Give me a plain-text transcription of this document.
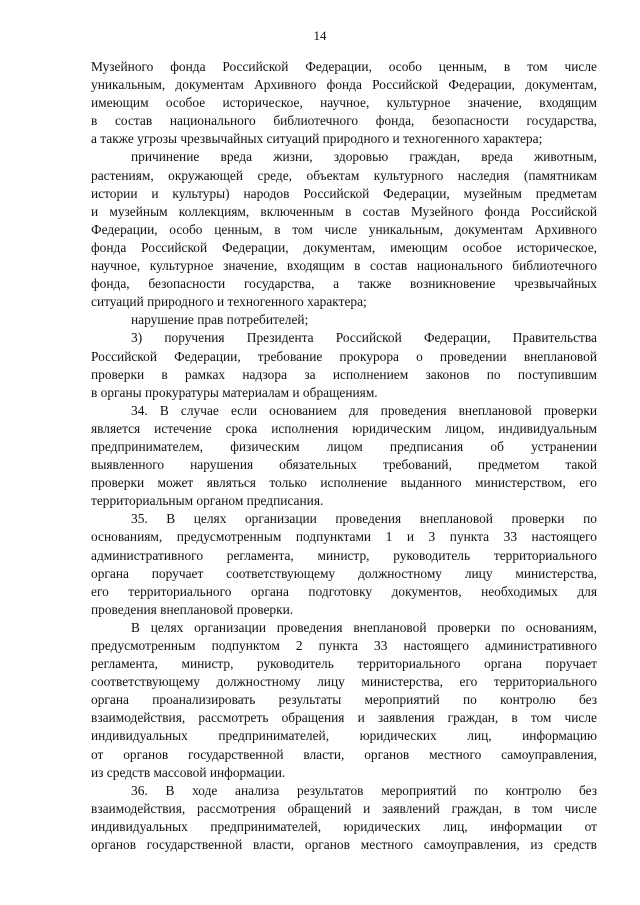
14
Музейного фонда Российской Федерации, особо ценным, в том числе
уникальным, документам Архивного фонда Российской Федерации, документам,
имеющим особое историческое, научное, культурное значение, входящим
в состав национального библиотечного фонда, безопасности государства,
а также угрозы чрезвычайных ситуаций природного и техногенного характера;
причинение вреда жизни, здоровью граждан, вреда животным,
растениям, окружающей среде, объектам культурного наследия (памятникам
истории и культуры) народов Российской Федерации, музейным предметам
и музейным коллекциям, включенным в состав Музейного фонда Российской
Федерации, особо ценным, в том числе уникальным, документам Архивного
фонда Российской Федерации, документам, имеющим особое историческое,
научное, культурное значение, входящим в состав национального библиотечного
фонда, безопасности государства, а также возникновение чрезвычайных
ситуаций природного и техногенного характера;
нарушение прав потребителей;
3) поручения Президента Российской Федерации, Правительства
Российской Федерации, требование прокурора о проведении внеплановой
проверки в рамках надзора за исполнением законов по поступившим
в органы прокуратуры материалам и обращениям.
34. В случае если основанием для проведения внеплановой проверки
является истечение срока исполнения юридическим лицом, индивидуальным
предпринимателем, физическим лицом предписания об устранении
выявленного нарушения обязательных требований, предметом такой
проверки может являться только исполнение выданного министерством, его
территориальным органом предписания.
35. В целях организации проведения внеплановой проверки по
основаниям, предусмотренным подпунктами 1 и 3 пункта 33 настоящего
административного регламента, министр, руководитель территориального
органа поручает соответствующему должностному лицу министерства,
его территориального органа подготовку документов, необходимых для
проведения внеплановой проверки.
В целях организации проведения внеплановой проверки по основаниям,
предусмотренным подпунктом 2 пункта 33 настоящего административного
регламента, министр, руководитель территориального органа поручает
соответствующему должностному лицу министерства, его территориального
органа проанализировать результаты мероприятий по контролю без
взаимодействия, рассмотреть обращения и заявления граждан, в том числе
индивидуальных предпринимателей, юридических лиц, информацию
от органов государственной власти, органов местного самоуправления,
из средств массовой информации.
36. В ходе анализа результатов мероприятий по контролю без
взаимодействия, рассмотрения обращений и заявлений граждан, в том числе
индивидуальных предпринимателей, юридических лиц, информации от
органов государственной власти, органов местного самоуправления, из средств
